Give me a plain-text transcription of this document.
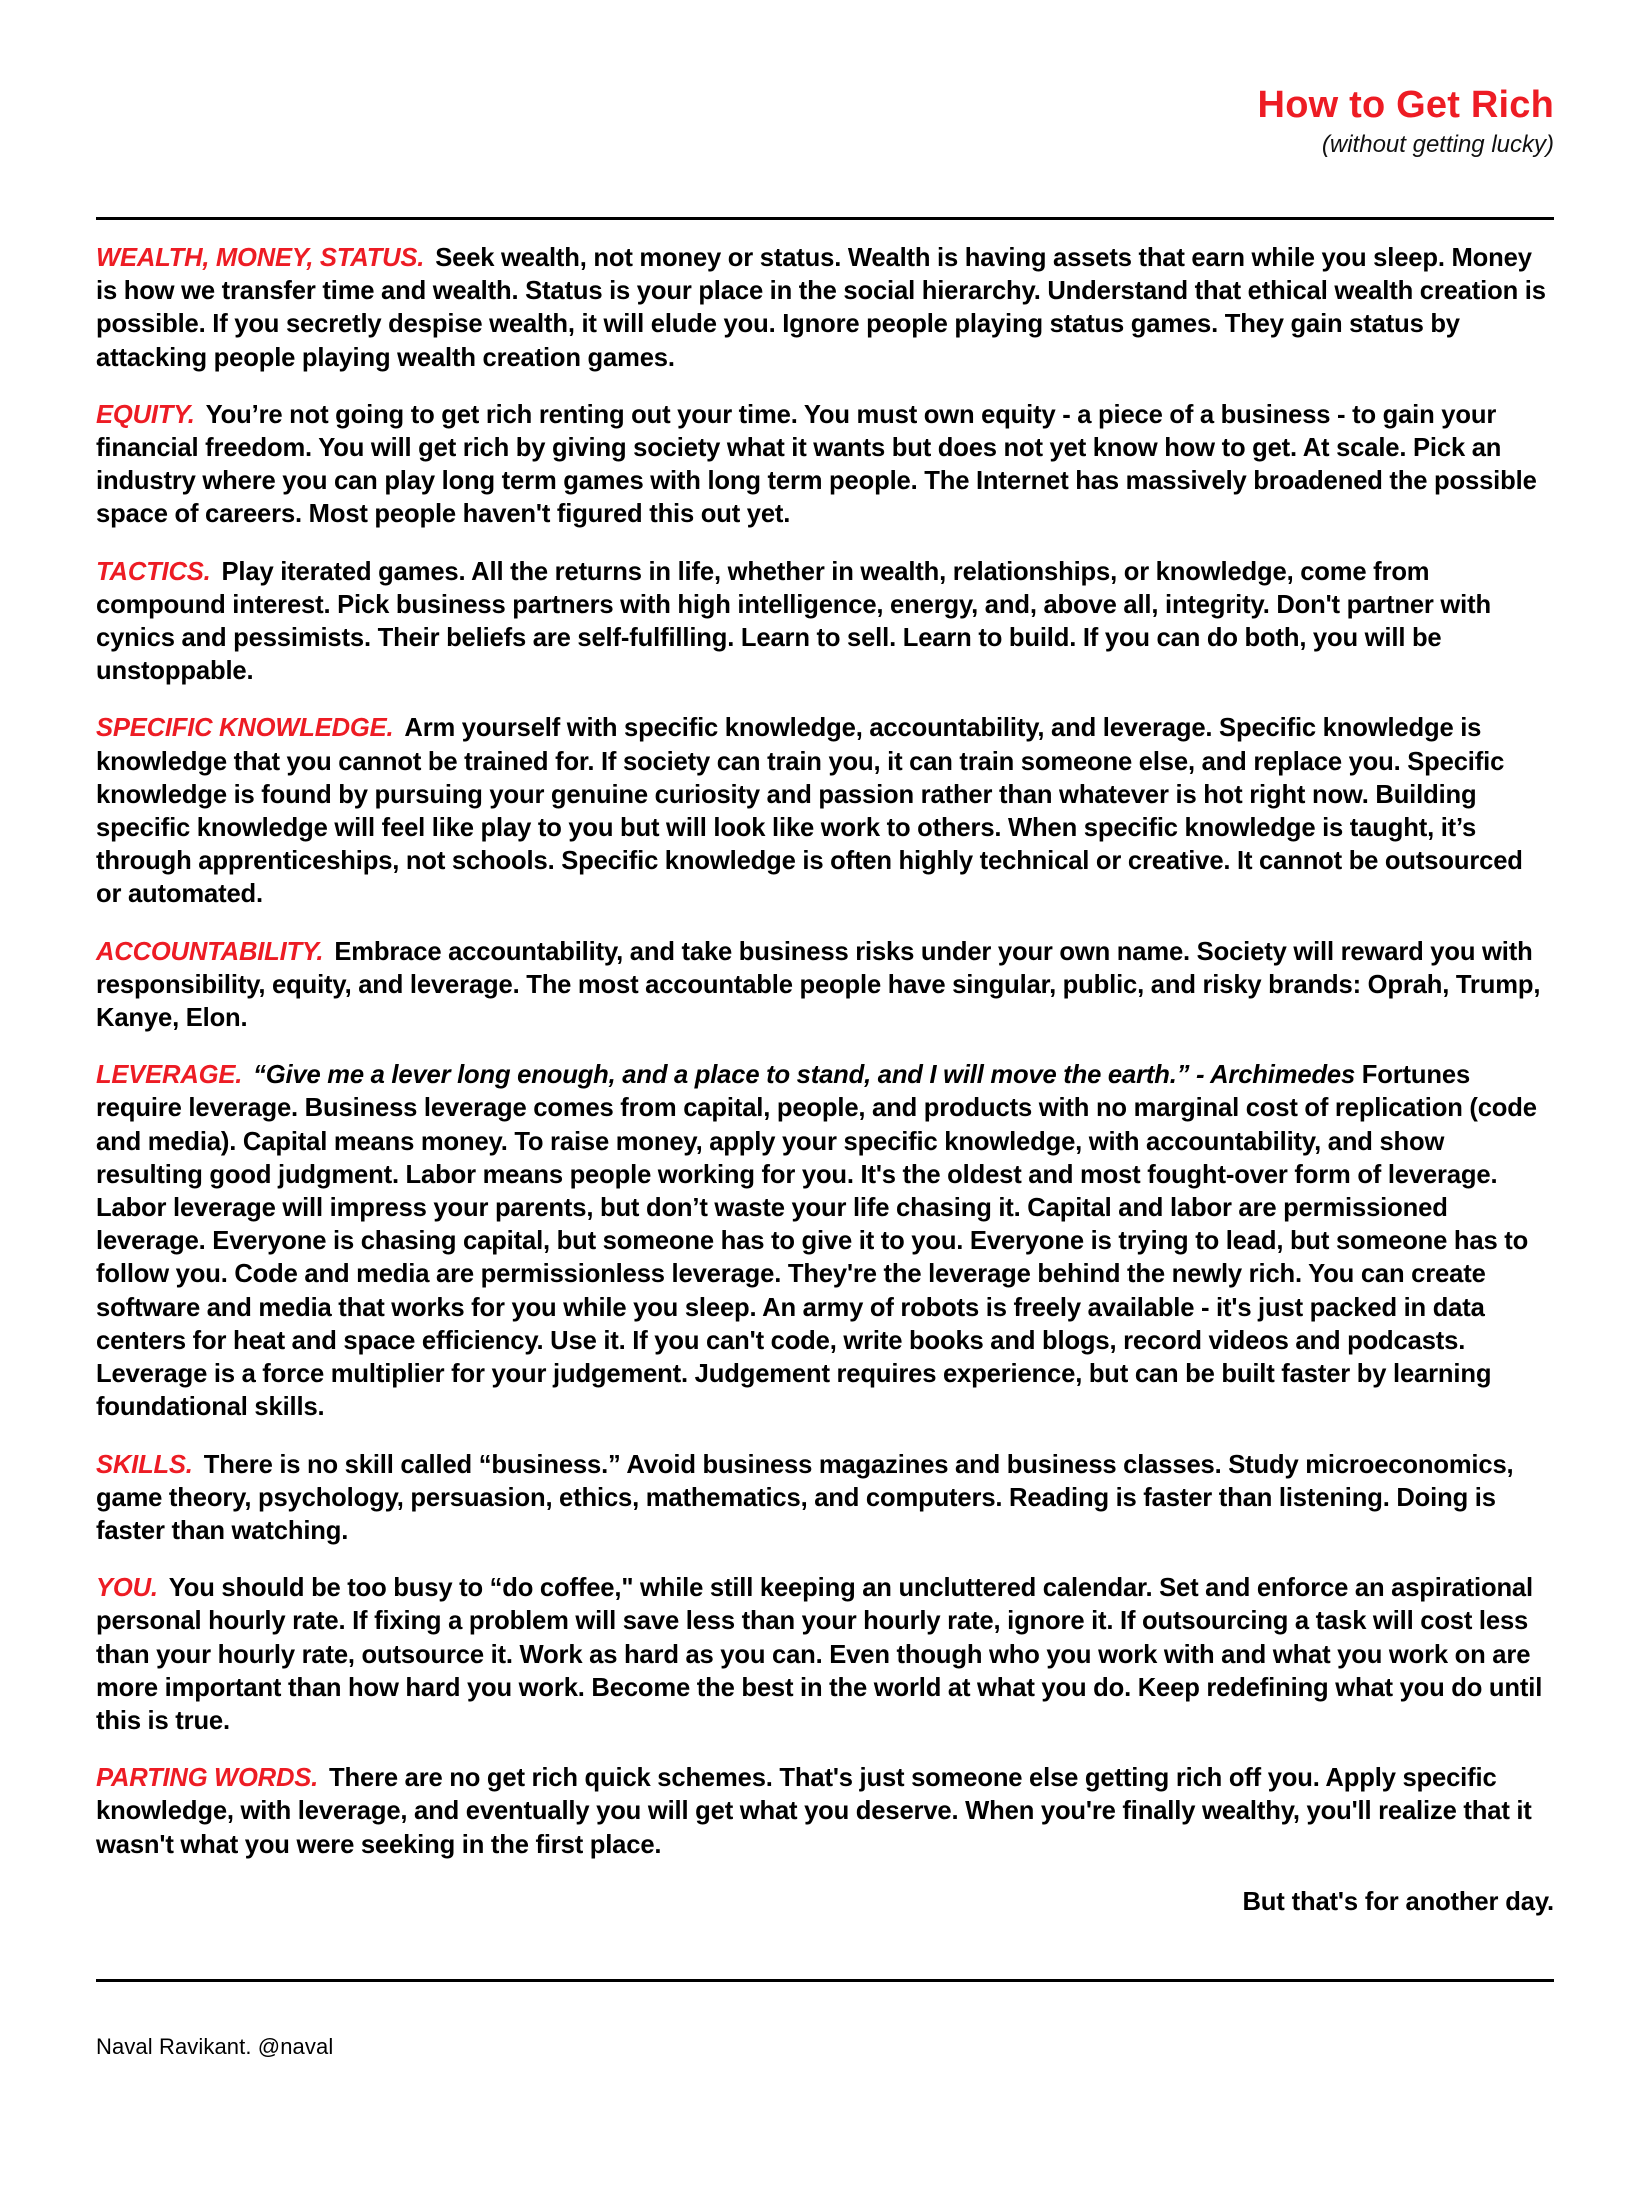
How to Get Rich
(without getting lucky)

WEALTH, MONEY, STATUS. Seek wealth, not money or status. Wealth is having assets that earn while you sleep. Money is how we transfer time and wealth. Status is your place in the social hierarchy. Understand that ethical wealth creation is possible. If you secretly despise wealth, it will elude you. Ignore people playing status games. They gain status by attacking people playing wealth creation games.

EQUITY. You’re not going to get rich renting out your time. You must own equity - a piece of a business - to gain your financial freedom. You will get rich by giving society what it wants but does not yet know how to get. At scale. Pick an industry where you can play long term games with long term people. The Internet has massively broadened the possible space of careers. Most people haven't figured this out yet.

TACTICS. Play iterated games. All the returns in life, whether in wealth, relationships, or knowledge, come from compound interest. Pick business partners with high intelligence, energy, and, above all, integrity. Don't partner with cynics and pessimists. Their beliefs are self-fulfilling. Learn to sell. Learn to build. If you can do both, you will be unstoppable.

SPECIFIC KNOWLEDGE. Arm yourself with specific knowledge, accountability, and leverage. Specific knowledge is knowledge that you cannot be trained for. If society can train you, it can train someone else, and replace you. Specific knowledge is found by pursuing your genuine curiosity and passion rather than whatever is hot right now. Building specific knowledge will feel like play to you but will look like work to others. When specific knowledge is taught, it’s through apprenticeships, not schools. Specific knowledge is often highly technical or creative. It cannot be outsourced or automated.

ACCOUNTABILITY. Embrace accountability, and take business risks under your own name. Society will reward you with responsibility, equity, and leverage. The most accountable people have singular, public, and risky brands: Oprah, Trump, Kanye, Elon.

LEVERAGE. “Give me a lever long enough, and a place to stand, and I will move the earth.” - Archimedes Fortunes require leverage. Business leverage comes from capital, people, and products with no marginal cost of replication (code and media). Capital means money. To raise money, apply your specific knowledge, with accountability, and show resulting good judgment. Labor means people working for you. It's the oldest and most fought-over form of leverage. Labor leverage will impress your parents, but don’t waste your life chasing it. Capital and labor are permissioned leverage. Everyone is chasing capital, but someone has to give it to you. Everyone is trying to lead, but someone has to follow you. Code and media are permissionless leverage. They're the leverage behind the newly rich. You can create software and media that works for you while you sleep. An army of robots is freely available - it's just packed in data centers for heat and space efficiency. Use it. If you can't code, write books and blogs, record videos and podcasts. Leverage is a force multiplier for your judgement. Judgement requires experience, but can be built faster by learning foundational skills.

SKILLS. There is no skill called “business.” Avoid business magazines and business classes. Study microeconomics, game theory, psychology, persuasion, ethics, mathematics, and computers. Reading is faster than listening. Doing is faster than watching.

YOU. You should be too busy to “do coffee," while still keeping an uncluttered calendar. Set and enforce an aspirational personal hourly rate. If fixing a problem will save less than your hourly rate, ignore it. If outsourcing a task will cost less than your hourly rate, outsource it. Work as hard as you can. Even though who you work with and what you work on are more important than how hard you work. Become the best in the world at what you do. Keep redefining what you do until this is true.

PARTING WORDS. There are no get rich quick schemes. That's just someone else getting rich off you. Apply specific knowledge, with leverage, and eventually you will get what you deserve. When you're finally wealthy, you'll realize that it wasn't what you were seeking in the first place.

But that's for another day.

Naval Ravikant. @naval
